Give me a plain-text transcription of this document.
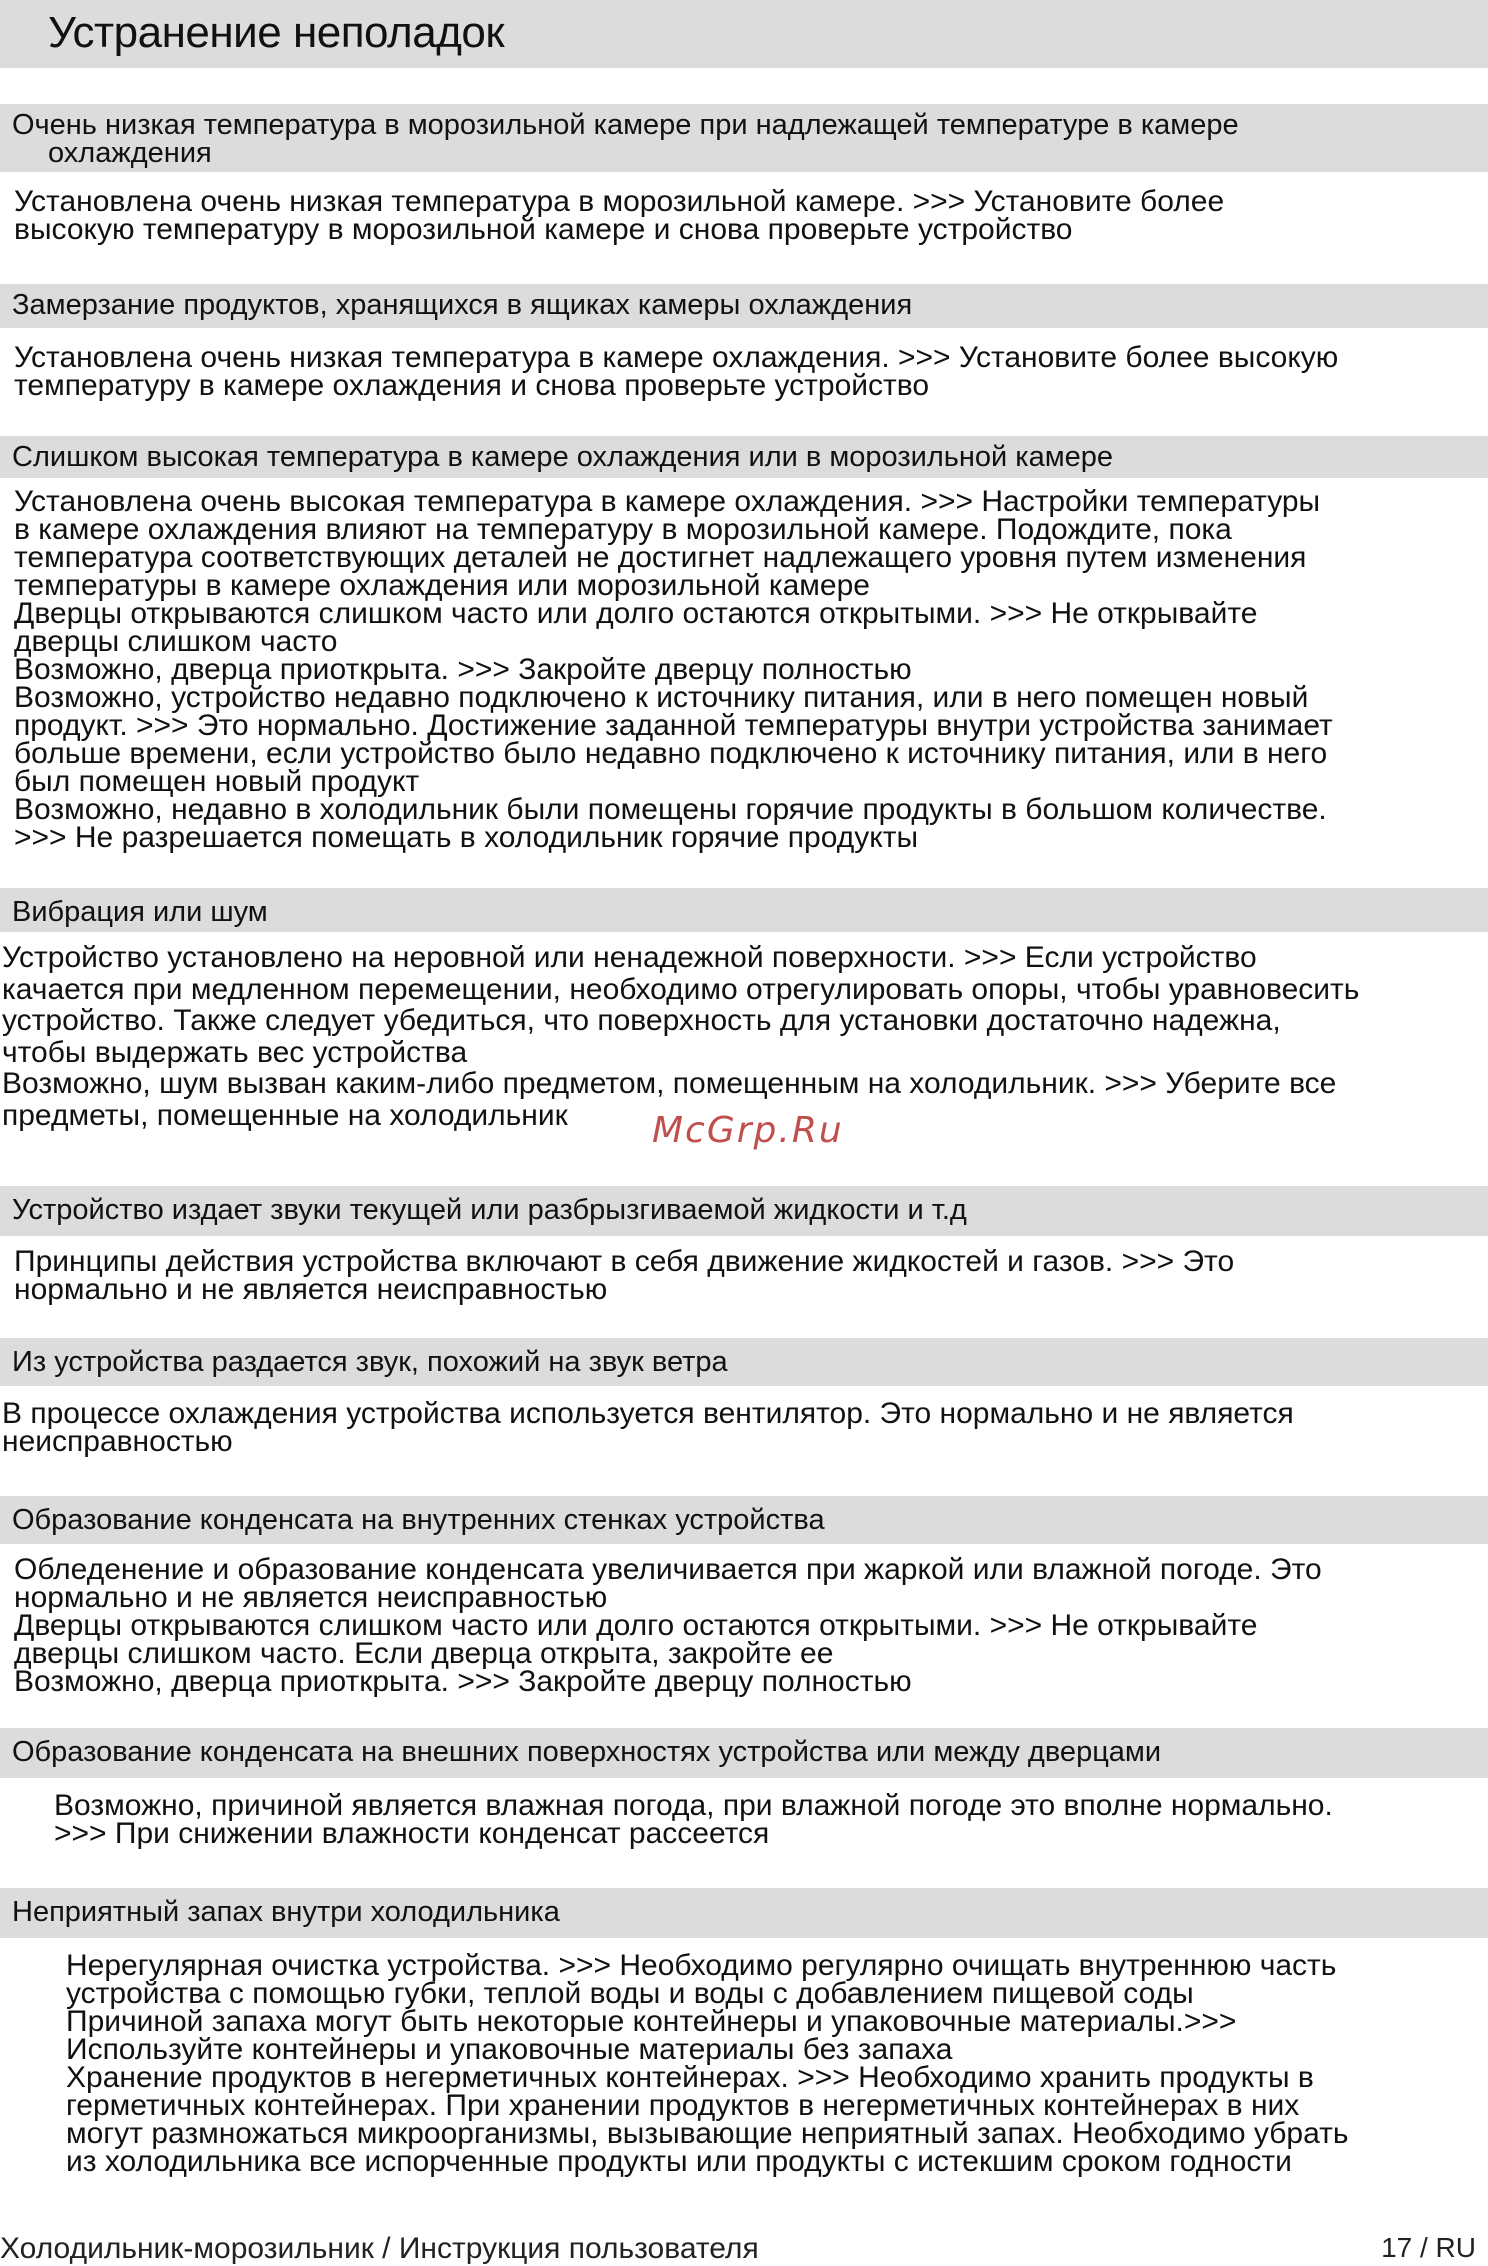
Устранение неполадок
Очень низкая температура в морозильной камере при надлежащей температуре в камере
охлаждения
Установлена очень низкая температура в морозильной камере. >>> Установите более
высокую температуру в морозильной камере и снова проверьте устройство
Замерзание продуктов, хранящихся в ящиках камеры охлаждения
Установлена очень низкая температура в камере охлаждения. >>> Установите более высокую
температуру в камере охлаждения и снова проверьте устройство
Слишком высокая температура в камере охлаждения или в морозильной камере
Установлена очень высокая температура в камере охлаждения. >>> Настройки температуры
в камере охлаждения влияют на температуру в морозильной камере. Подождите, пока
температура соответствующих деталей не достигнет надлежащего уровня путем изменения
температуры в камере охлаждения или морозильной камере
Дверцы открываются слишком часто или долго остаются открытыми. >>> Не открывайте
дверцы слишком часто
Возможно, дверца приоткрыта. >>> Закройте дверцу полностью
Возможно, устройство недавно подключено к источнику питания, или в него помещен новый
продукт. >>> Это нормально. Достижение заданной температуры внутри устройства занимает
больше времени, если устройство было недавно подключено к источнику питания, или в него
был помещен новый продукт
Возможно, недавно в холодильник были помещены горячие продукты в большом количестве.
>>> Не разрешается помещать в холодильник горячие продукты
Вибрация или шум
Устройство установлено на неровной или ненадежной поверхности. >>> Если устройство
качается при медленном перемещении, необходимо отрегулировать опоры, чтобы уравновесить
устройство. Также следует убедиться, что поверхность для установки достаточно надежна,
чтобы выдержать вес устройства
Возможно, шум вызван каким-либо предметом, помещенным на холодильник. >>> Уберите все
предметы, помещенные на холодильник	McGrp.Ru
Устройство издает звуки текущей или разбрызгиваемой жидкости и т.д
Принципы действия устройства включают в себя движение жидкостей и газов. >>> Это
нормально и не является неисправностью
Из устройства раздается звук, похожий на звук ветра
В процессе охлаждения устройства используется вентилятор. Это нормально и не является
неисправностью
Образование конденсата на внутренних стенках устройства
Обледенение и образование конденсата увеличивается при жаркой или влажной погоде. Это
нормально и не является неисправностью
Дверцы открываются слишком часто или долго остаются открытыми. >>> Не открывайте
дверцы слишком часто. Если дверца открыта, закройте ее
Возможно, дверца приоткрыта. >>> Закройте дверцу полностью
Образование конденсата на внешних поверхностях устройства или между дверцами
Возможно, причиной является влажная погода, при влажной погоде это вполне нормально.
>>> При снижении влажности конденсат рассеется
Неприятный запах внутри холодильника
Нерегулярная очистка устройства. >>> Необходимо регулярно очищать внутреннюю часть
устройства с помощью губки, теплой воды и воды с добавлением пищевой соды
Причиной запаха могут быть некоторые контейнеры и упаковочные материалы.>>>
Используйте контейнеры и упаковочные материалы без запаха
Хранение продуктов в негерметичных контейнерах. >>> Необходимо хранить продукты в
герметичных контейнерах. При хранении продуктов в негерметичных контейнерах в них
могут размножаться микроорганизмы, вызывающие неприятный запах. Необходимо убрать
из холодильника все испорченные продукты или продукты с истекшим сроком годности
Холодильник-морозильник / Инструкция пользователя	17 / RU
